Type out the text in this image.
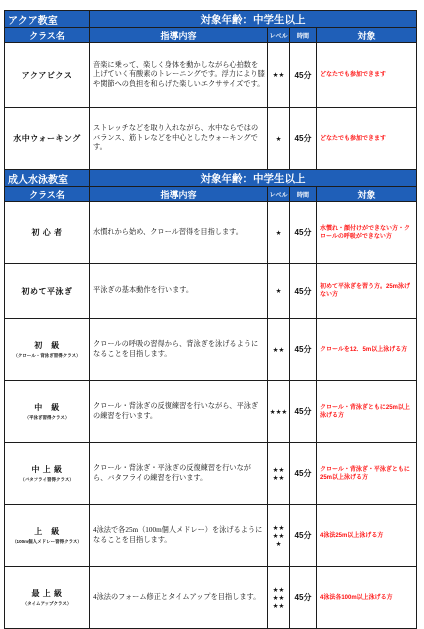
アクア教室	対象年齢：中学生以上			
クラス名	指導内容	レベル	時間	対象

アクアビクス	音楽に乗って、楽しく身体を動かしながら心拍数を上げていく有酸素のトレーニングです。浮力により膝や関節への負担を和らげた楽しいエクササイズです。	★★	45分	どなたでも参加できます

水中ウォーキング	ストレッチなどを取り入れながら、水中ならではのバランス、筋トレなどを中心としたウォーキングです。	★	45分	どなたでも参加できます
成人水泳教室	対象年齢：中学生以上			
クラス名	指導内容	レベル	時間	対象

初 心 者	水慣れから始め、クロール習得を目指します。	★	45分	水慣れ・顔付けができない方・クロールの呼吸ができない方

初めて平泳ぎ	平泳ぎの基本動作を行います。	★	45分	初めて平泳ぎを習う方。25m泳げない方

初　級
（クロール・背泳ぎ習得クラス）	クロールの呼吸の習得から、背泳ぎを泳げるようになることを目指します。	★★	45分	クロールを12．5m以上泳げる方

中　級
（平泳ぎ習得クラス）	クロール・背泳ぎの反復練習を行いながら、平泳ぎの練習を行います。	★★★	45分	クロール・背泳ぎともに25m以上泳げる方

中 上 級
（バタフライ習得クラス）	クロール・背泳ぎ・平泳ぎの反復練習を行いながら、バタフライの練習を行います。	★★
★★	45分	クロール・背泳ぎ・平泳ぎともに25m以上泳げる方

上　級
（100m個人メドレー習得クラス）	4泳法で各25m（100m個人メドレー）を泳げるようになることを目指します。	★★
★★
★	45分	4泳法25m以上泳げる方

最 上 級
（タイムアップクラス）	4泳法のフォーム修正とタイムアップを目指します。	★★
★★
★★	45分	4泳法各100m以上泳げる方
